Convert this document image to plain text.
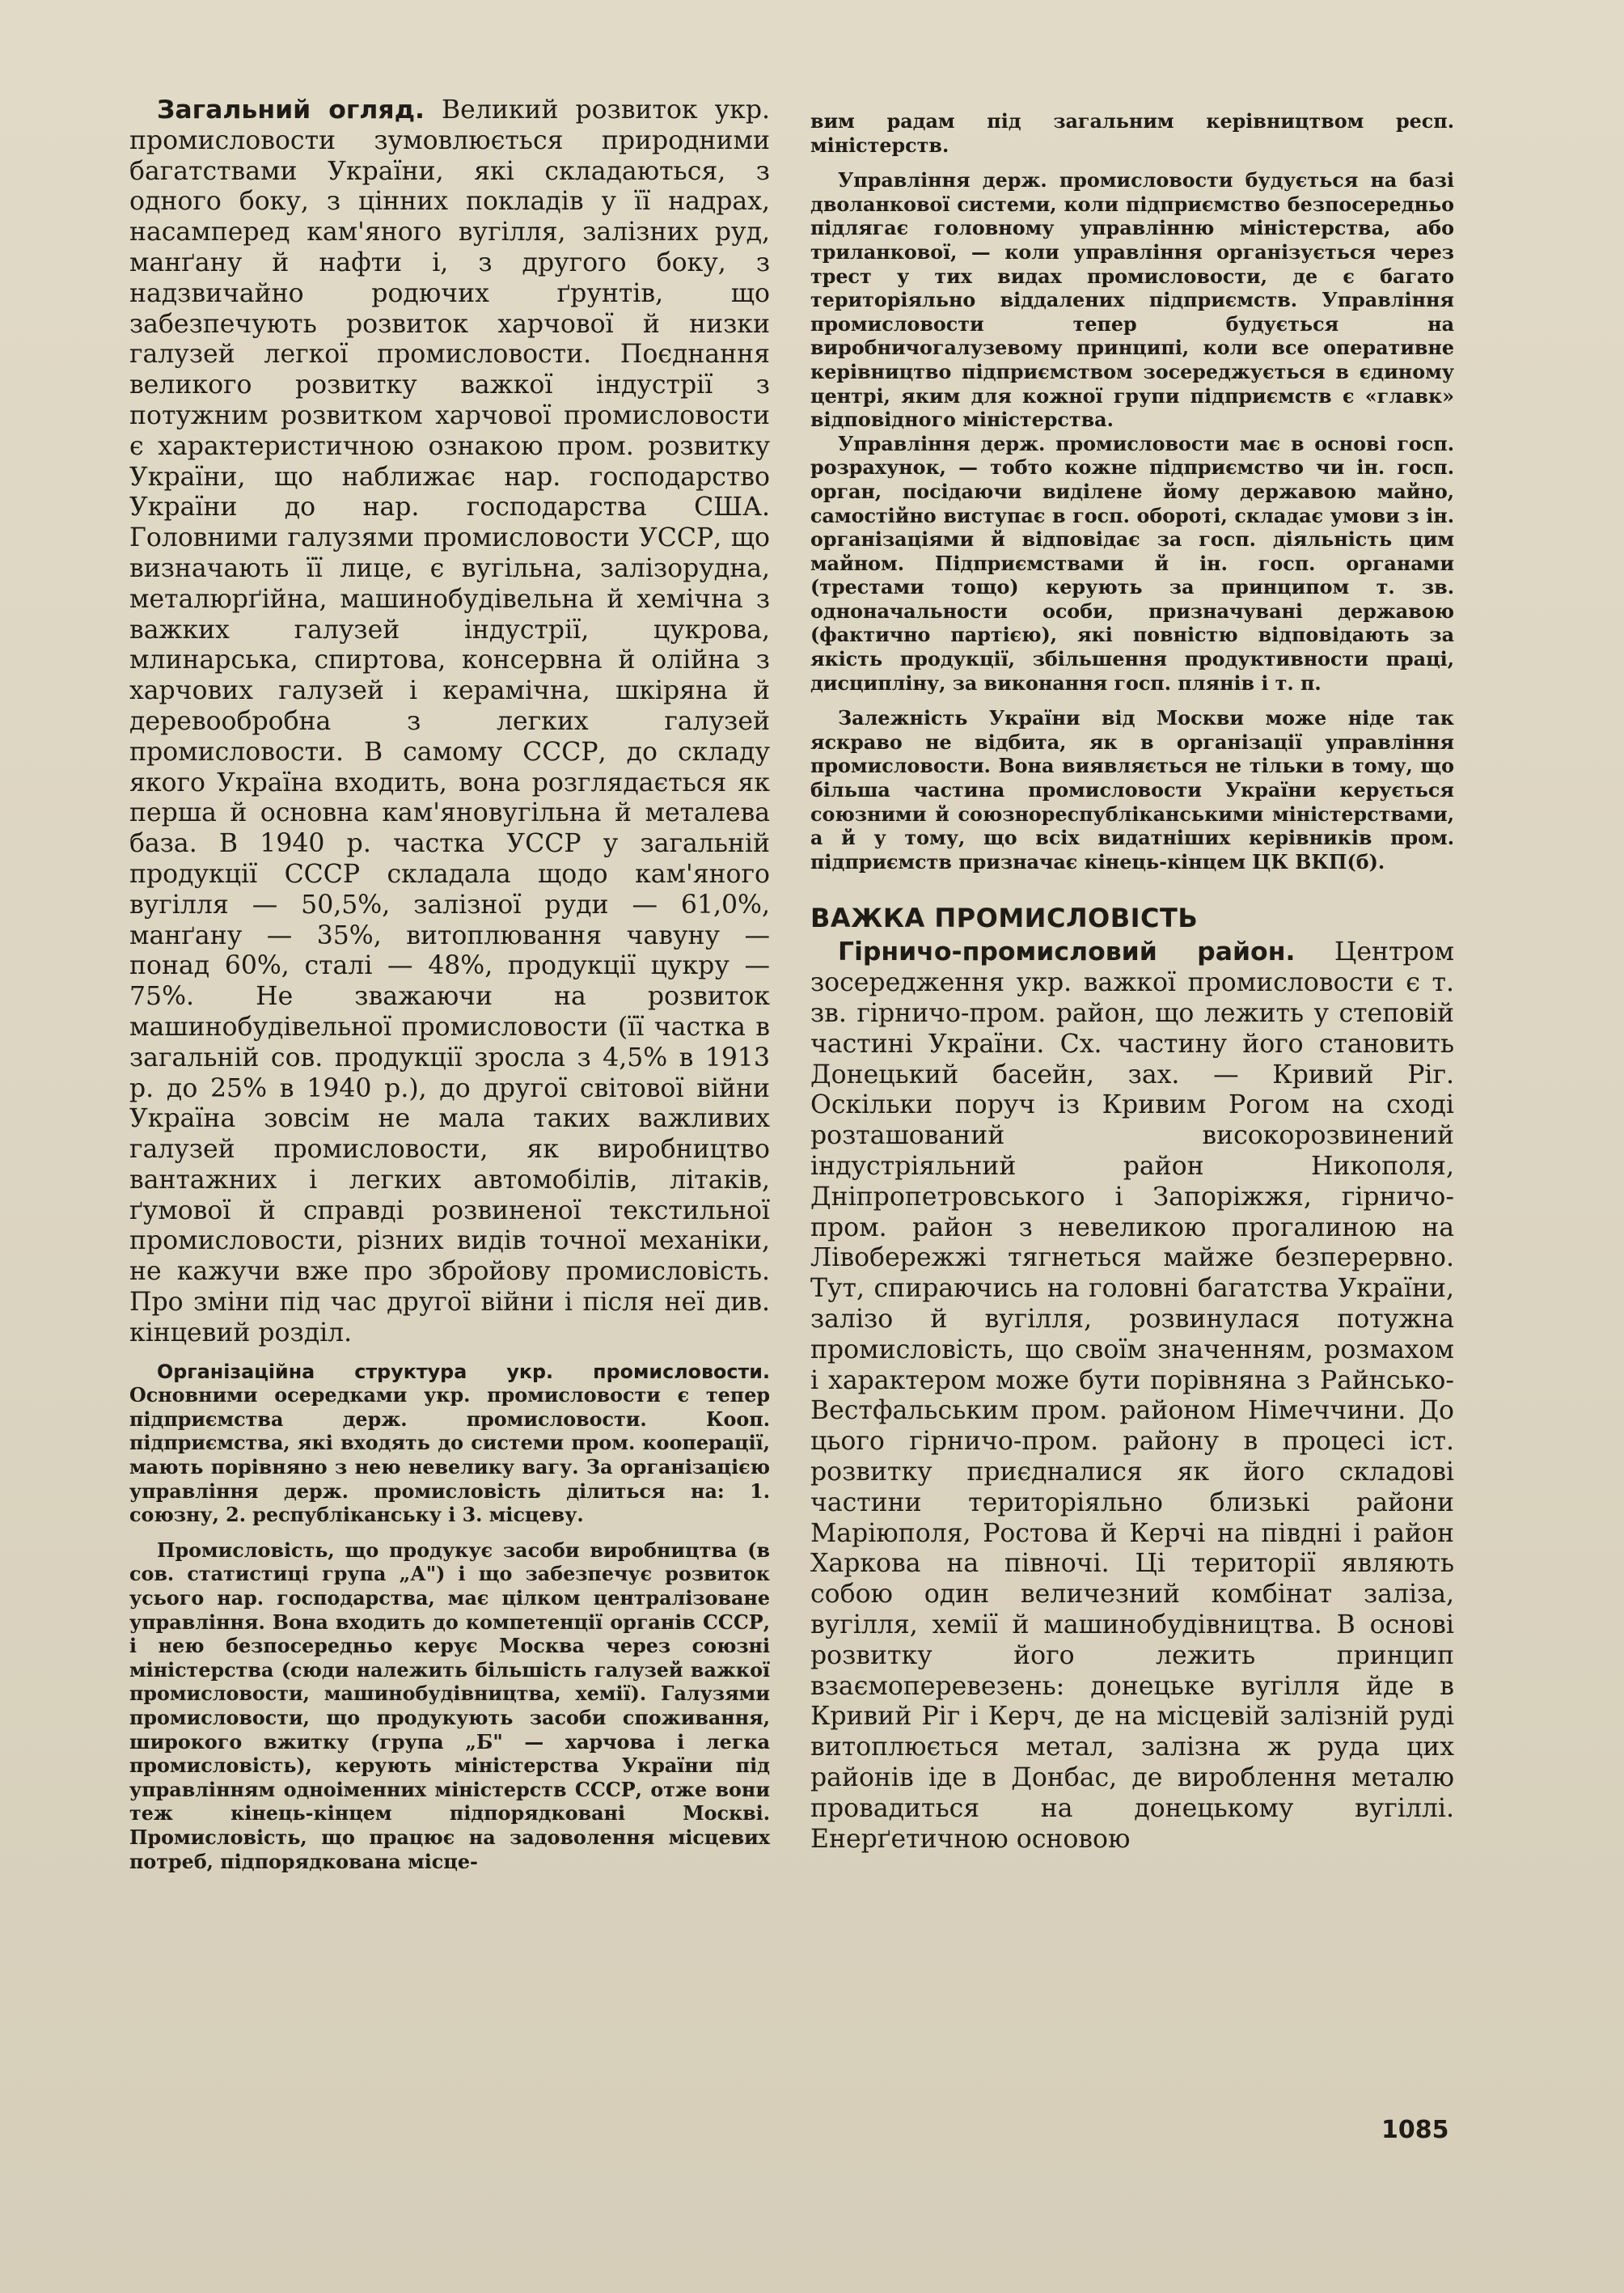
Загальний огляд. Великий розвиток укр. промисловости зумовлюється природними багатствами України, які складаються, з одного боку, з цінних покладів у її надрах, насамперед кам'яного вугілля, залізних руд, манґану й нафти і, з другого боку, з надзвичайно родючих ґрунтів, що забезпечують розвиток харчової й низки галузей легкої промисловости. Поєднання великого розвитку важкої індустрії з потужним розвитком харчової промисловости є характеристичною ознакою пром. розвитку України, що наближає нар. господарство України до нар. господарства США. Головними галузями промисловости УССР, що визначають її лице, є вугільна, залізорудна, металюрґійна, машинобудівельна й хемічна з важких галузей індустрії, цукрова, млинарська, спиртова, консервна й олійна з харчових галузей і керамічна, шкіряна й деревообробна з легких галузей промисловости. В самому СССР, до складу якого Україна входить, вона розглядається як перша й основна кам'яновугільна й металева база. В 1940 р. частка УССР у загальній продукції СССР складала щодо кам'яного вугілля — 50,5%, залізної руди — 61,0%, манґану — 35%, витоплювання чавуну — понад 60%, сталі — 48%, продукції цукру — 75%. Не зважаючи на розвиток машинобудівельної промисловости (її частка в загальній сов. продукції зросла з 4,5% в 1913 р. до 25% в 1940 р.), до другої світової війни Україна зовсім не мала таких важливих галузей промисловости, як виробництво вантажних і легких автомобілів, літаків, ґумової й справді розвиненої текстильної промисловости, різних видів точної механіки, не кажучи вже про збройову промисловість. Про зміни під час другої війни і після неї див. кінцевий розділ.

Організаційна структура укр. промисловости. Основними осередками укр. промисловости є тепер підприємства держ. промисловости. Кооп. підприємства, які входять до системи пром. кооперації, мають порівняно з нею невелику вагу. За організацією управління держ. промисловість ділиться на: 1. союзну, 2. республіканську і 3. місцеву.

Промисловість, що продукує засоби виробництва (в сов. статистиці група „А") і що забезпечує розвиток усього нар. господарства, має цілком централізоване управління. Вона входить до компетенції органів СССР, і нею безпосередньо керує Москва через союзні міністерства (сюди належить більшість галузей важкої промисловости, машинобудівництва, хемії). Галузями промисловости, що продукують засоби споживання, широкого вжитку (група „Б" — харчова і легка промисловість), керують міністерства України під управлінням одноіменних міністерств СССР, отже вони теж кінець-кінцем підпорядковані Москві. Промисловість, що працює на задоволення місцевих потреб, підпорядкована місце-

вим радам під загальним керівництвом респ. міністерств.

Управління держ. промисловости будується на базі дволанкової системи, коли підприємство безпосередньо підлягає головному управлінню міністерства, або триланкової, — коли управління організується через трест у тих видах промисловости, де є багато територіяльно віддалених підприємств. Управління промисловости тепер будується на виробничогалузевому принципі, коли все оперативне керівництво підприємством зосереджується в єдиному центрі, яким для кожної групи підприємств є «главк» відповідного міністерства.

Управління держ. промисловости має в основі госп. розрахунок, — тобто кожне підприємство чи ін. госп. орган, посідаючи виділене йому державою майно, самостійно виступає в госп. обороті, складає умови з ін. організаціями й відповідає за госп. діяльність цим майном. Підприємствами й ін. госп. органами (трестами тощо) керують за принципом т. зв. одноначальности особи, призначувані державою (фактично партією), які повністю відповідають за якість продукції, збільшення продуктивности праці, дисципліну, за виконання госп. плянів і т. п.

Залежність України від Москви може ніде так яскраво не відбита, як в організації управління промисловости. Вона виявляється не тільки в тому, що більша частина промисловости України керується союзними й союзнореспубліканськими міністерствами, а й у тому, що всіх видатніших керівників пром. підприємств призначає кінець-кінцем ЦК ВКП(б).

ВАЖКА ПРОМИСЛОВІСТЬ

Гірничо-промисловий район. Центром зосередження укр. важкої промисловости є т. зв. гірничо-пром. район, що лежить у степовій частині України. Сх. частину його становить Донецький басейн, зах. — Кривий Ріг. Оскільки поруч із Кривим Рогом на сході розташований високорозвинений індустріяльний район Никополя, Дніпропетровського і Запоріжжя, гірничо-пром. район з невеликою прогалиною на Лівобережжі тягнеться майже безперервно. Тут, спираючись на головні багатства України, залізо й вугілля, розвинулася потужна промисловість, що своїм значенням, розмахом і характером може бути порівняна з Райнсько-Вестфальським пром. районом Німеччини. До цього гірничо-пром. району в процесі іст. розвитку приєдналися як його складові частини територіяльно близькі райони Маріюполя, Ростова й Керчі на півдні і район Харкова на півночі. Ці території являють собою один величезний комбінат заліза, вугілля, хемії й машинобудівництва. В основі розвитку його лежить принцип взаємоперевезень: донецьке вугілля йде в Кривий Ріг і Керч, де на місцевій залізній руді витоплюється метал, залізна ж руда цих районів іде в Донбас, де вироблення металю провадиться на донецькому вугіллі. Енерґетичною основою

1085
